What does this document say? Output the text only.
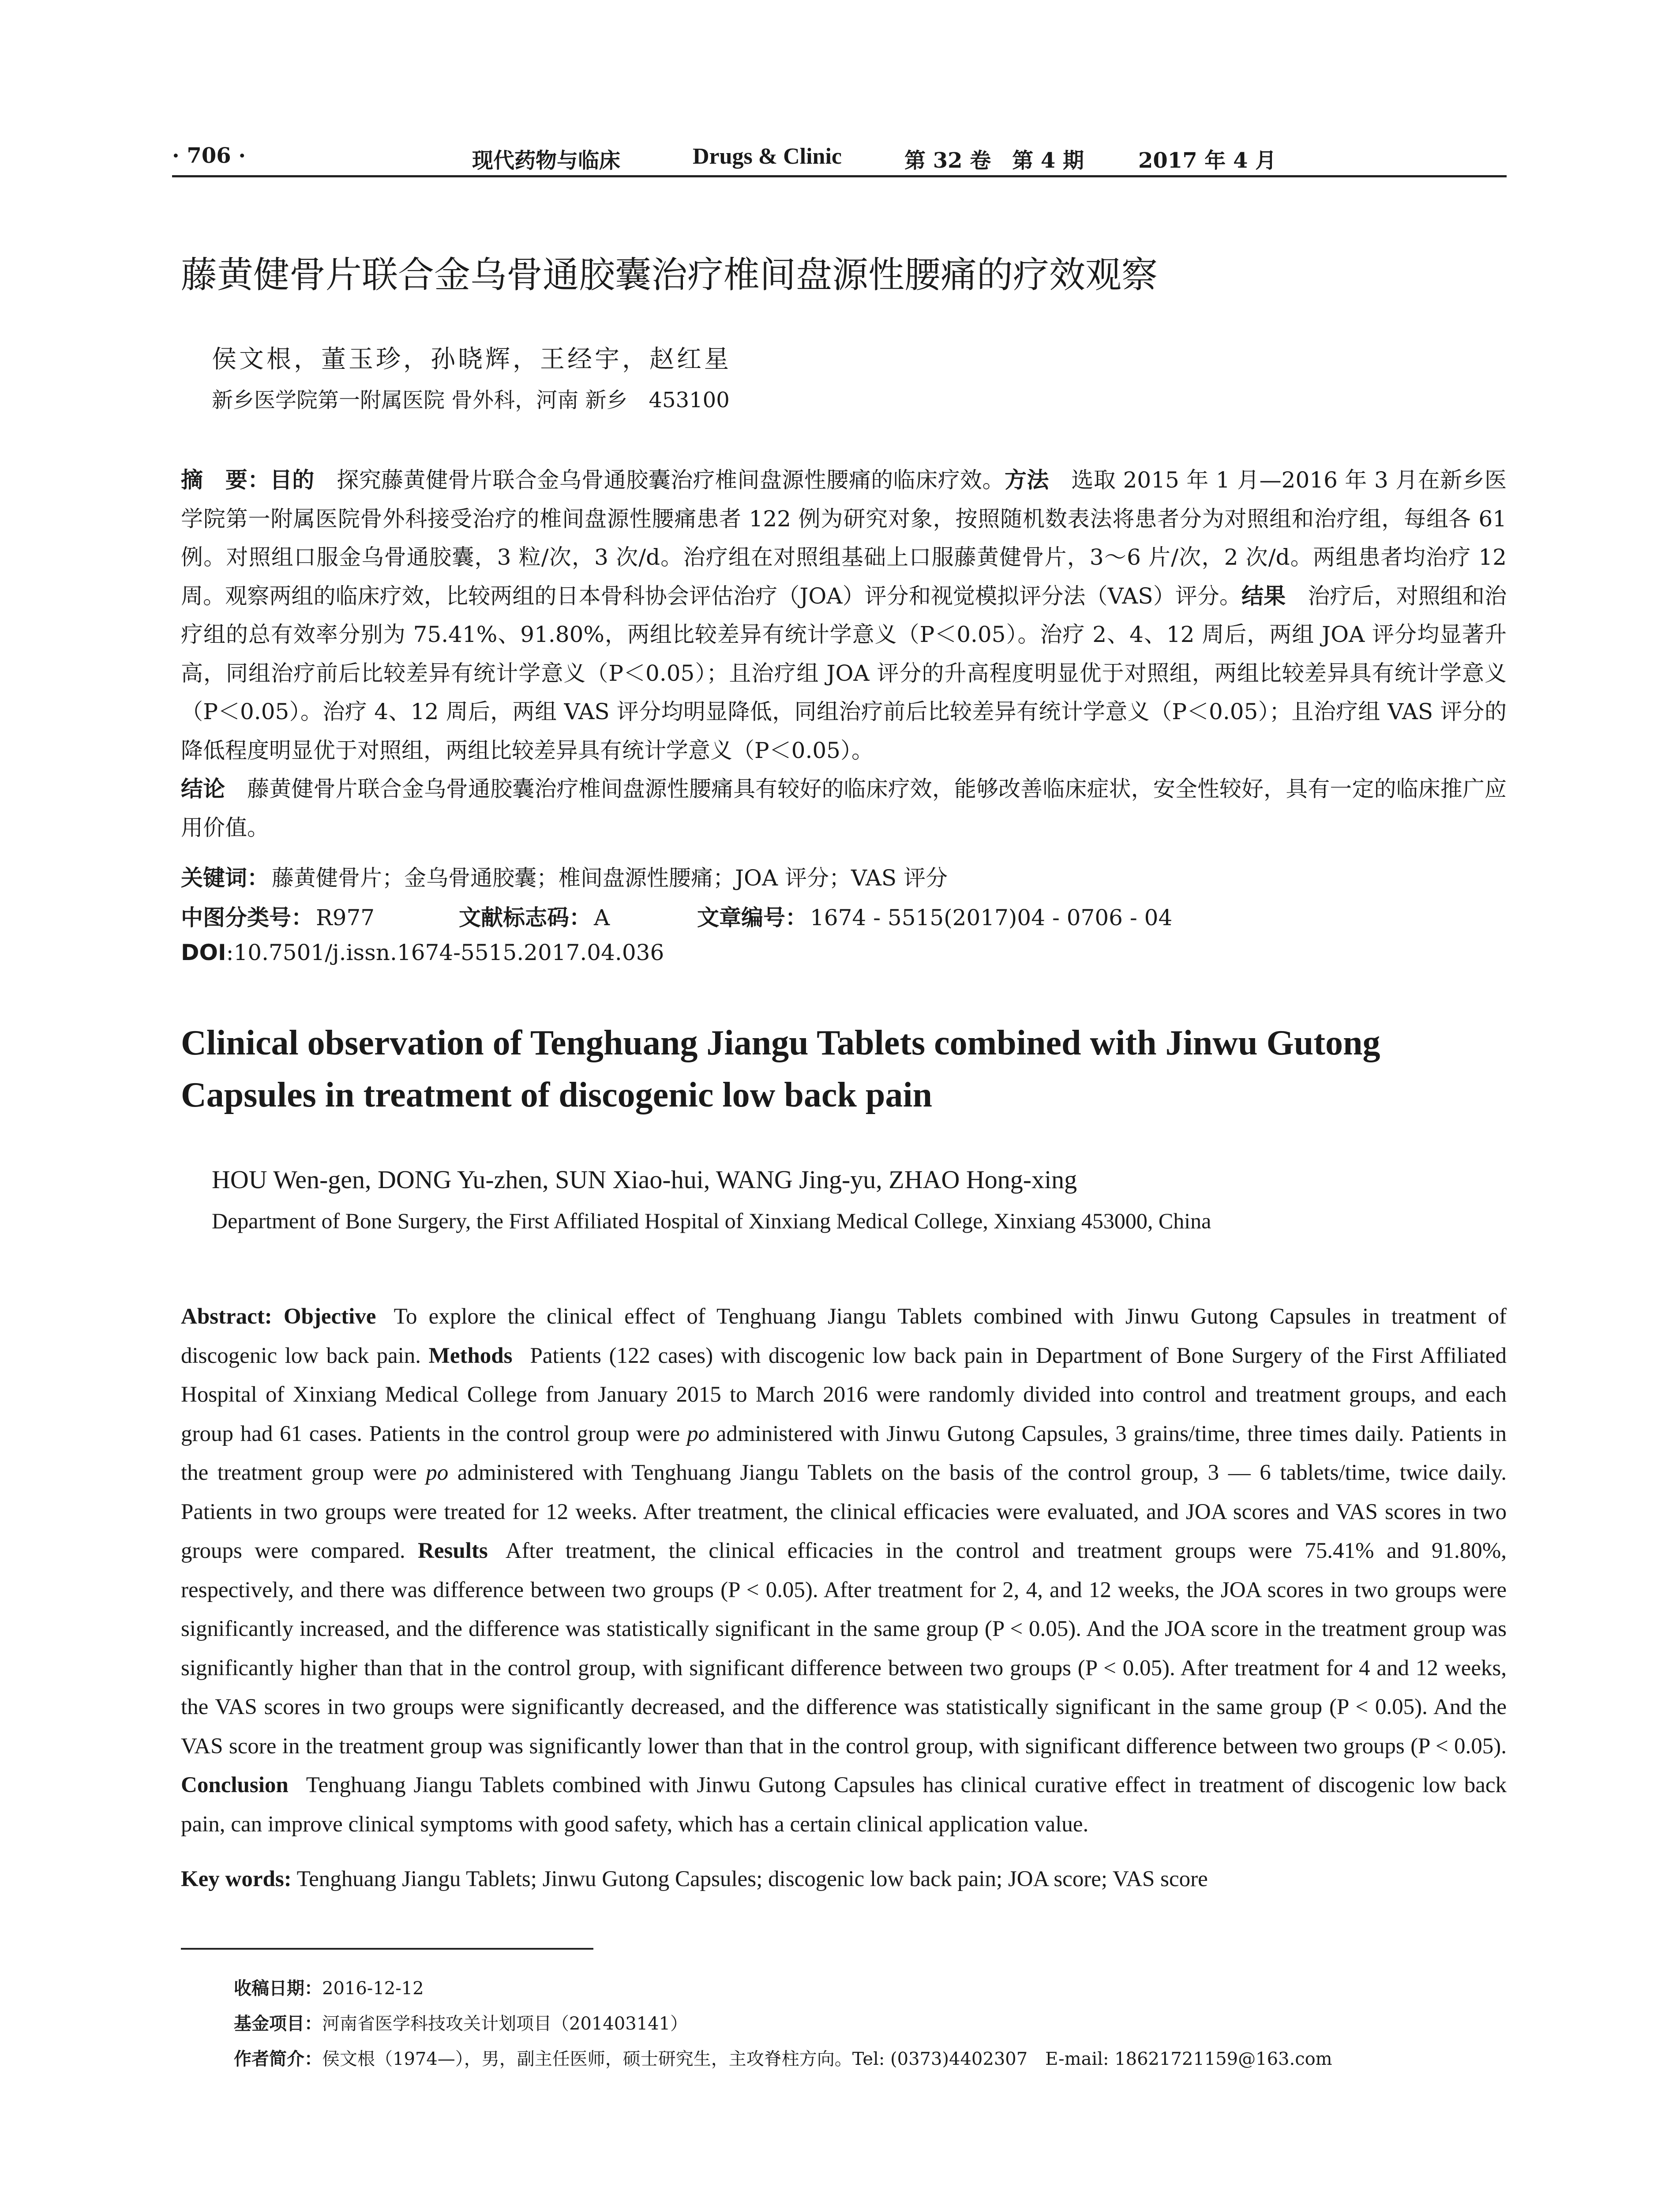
· 706 ·	现代药物与临床	Drugs & Clinic	第 32 卷　第 4 期	2017 年 4 月
藤黄健骨片联合金乌骨通胶囊治疗椎间盘源性腰痛的疗效观察
侯文根，董玉珍，孙晓辉，王经宇，赵红星
新乡医学院第一附属医院 骨外科，河南 新乡　453100

摘　要：目的　 探究藤黄健骨片联合金乌骨通胶囊治疗椎间盘源性腰痛的临床疗效。方法　 选取 2015 年 1 月—2016 年 3 月在新乡医学院第一附属医院骨外科接受治疗的椎间盘源性腰痛患者 122 例为研究对象，按照随机数表法将患者分为对照组和治疗组，每组各 61 例。对照组口服金乌骨通胶囊，3 粒/次，3 次/d。治疗组在对照组基础上口服藤黄健骨片，3～6 片/次，2 次/d。两组患者均治疗 12 周。观察两组的临床疗效，比较两组的日本骨科协会评估治疗（JOA）评分和视觉模拟评分法（VAS）评分。结果　 治疗后，对照组和治疗组的总有效率分别为 75.41%、91.80%，两组比较差异有统计学意义（P＜0.05）。治疗 2、4、12 周后，两组 JOA 评分均显著升高，同组治疗前后比较差异有统计学意义（P＜0.05）；且治疗组 JOA 评分的升高程度明显优于对照组，两组比较差异具有统计学意义（P＜0.05）。治疗 4、12 周后，两组 VAS 评分均明显降低，同组治疗前后比较差异有统计学意义（P＜0.05）；且治疗组 VAS 评分的降低程度明显优于对照组，两组比较差异具有统计学意义（P＜0.05）。
结论　 藤黄健骨片联合金乌骨通胶囊治疗椎间盘源性腰痛具有较好的临床疗效，能够改善临床症状，安全性较好，具有一定的临床推广应用价值。

关键词： 藤黄健骨片；金乌骨通胶囊；椎间盘源性腰痛；JOA 评分；VAS 评分
中图分类号： R977	文献标志码： A	文章编号： 1674 - 5515(2017)04 - 0706 - 04
DOI:10.7501/j.issn.1674-5515.2017.04.036
Clinical observation of Tenghuang Jiangu Tablets combined with Jinwu Gutong Capsules in treatment of discogenic low back pain
HOU Wen-gen, DONG Yu-zhen, SUN Xiao-hui, WANG Jing-yu, ZHAO Hong-xing
Department of Bone Surgery, the First Affiliated Hospital of Xinxiang Medical College, Xinxiang 453000, China

Abstract: Objective To explore the clinical effect of Tenghuang Jiangu Tablets combined with Jinwu Gutong Capsules in treatment of discogenic low back pain. Methods Patients (122 cases) with discogenic low back pain in Department of Bone Surgery of the First Affiliated Hospital of Xinxiang Medical College from January 2015 to March 2016 were randomly divided into control and treatment groups, and each group had 61 cases. Patients in the control group were po administered with Jinwu Gutong Capsules, 3 grains/time, three times daily. Patients in the treatment group were po administered with Tenghuang Jiangu Tablets on the basis of the control group, 3 — 6 tablets/time, twice daily. Patients in two groups were treated for 12 weeks. After treatment, the clinical efficacies were evaluated, and JOA scores and VAS scores in two groups were compared. Results After treatment, the clinical efficacies in the control and treatment groups were 75.41% and 91.80%, respectively, and there was difference between two groups (P < 0.05). After treatment for 2, 4, and 12 weeks, the JOA scores in two groups were significantly increased, and the difference was statistically significant in the same group (P < 0.05). And the JOA score in the treatment group was significantly higher than that in the control group, with significant difference between two groups (P < 0.05). After treatment for 4 and 12 weeks, the VAS scores in two groups were significantly decreased, and the difference was statistically significant in the same group (P < 0.05). And the VAS score in the treatment group was significantly lower than that in the control group, with significant difference between two groups (P < 0.05). Conclusion Tenghuang Jiangu Tablets combined with Jinwu Gutong Capsules has clinical curative effect in treatment of discogenic low back pain, can improve clinical symptoms with good safety, which has a certain clinical application value.

Key words: Tenghuang Jiangu Tablets; Jinwu Gutong Capsules; discogenic low back pain; JOA score; VAS score
收稿日期：2016-12-12
基金项目：河南省医学科技攻关计划项目（201403141）
作者简介：侯文根（1974—），男，副主任医师，硕士研究生，主攻脊柱方向。Tel: (0373)4402307　E-mail: 18621721159@163.com
